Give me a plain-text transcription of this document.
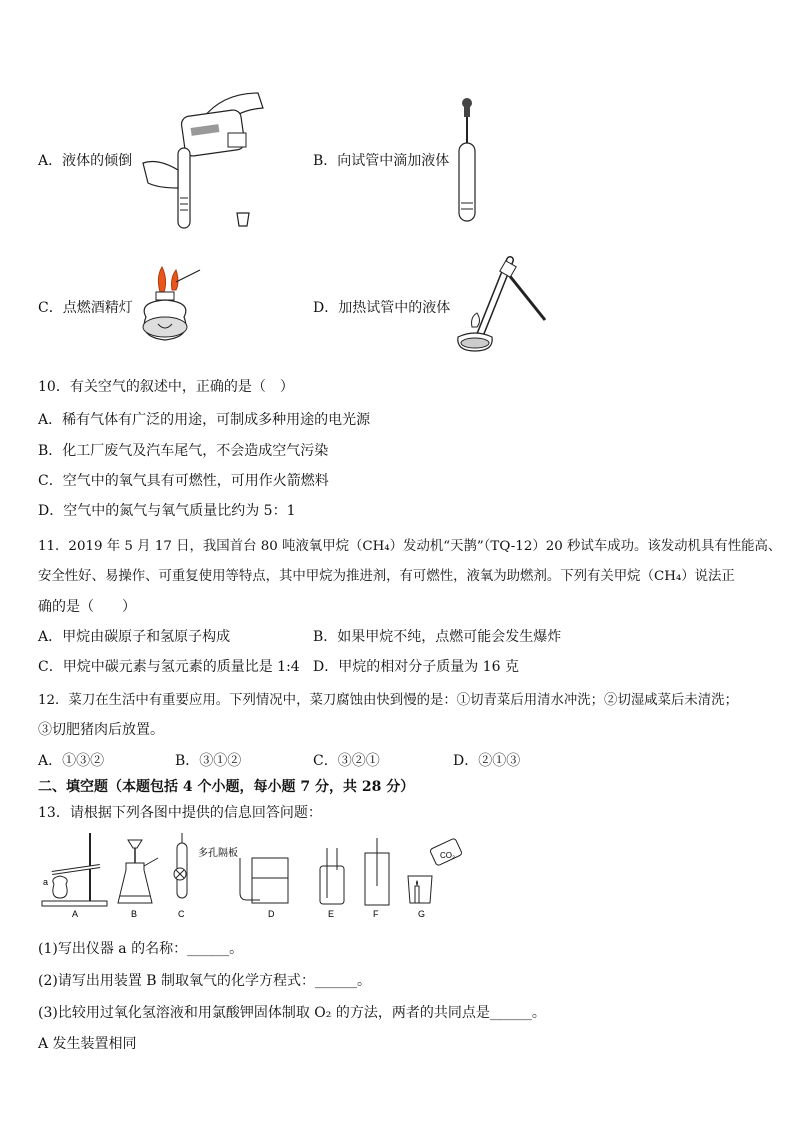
A．液体的倾倒	B．向试管中滴加液体
C．点燃酒精灯	D．加热试管中的液体
10．有关空气的叙述中，正确的是（　）
A．稀有气体有广泛的用途，可制成多种用途的电光源
B．化工厂废气及汽车尾气，不会造成空气污染
C．空气中的氧气具有可燃性，可用作火箭燃料
D．空气中的氮气与氧气质量比约为 5：1
11．2019 年 5 月 17 日，我国首台 80 吨液氧甲烷（CH₄）发动机“天鹊”（TQ-12）20 秒试车成功。该发动机具有性能高、
安全性好、易操作、可重复使用等特点，其中甲烷为推进剂，有可燃性，液氧为助燃剂。下列有关甲烷（CH₄）说法正
确的是（　　）
A．甲烷由碳原子和氢原子构成	B．如果甲烷不纯，点燃可能会发生爆炸
C．甲烷中碳元素与氢元素的质量比是 1:4 D．甲烷的相对分子质量为 16 克
12．菜刀在生活中有重要应用。下列情况中，菜刀腐蚀由快到慢的是：①切青菜后用清水冲洗；②切湿咸菜后未清洗；
③切肥猪肉后放置。
A．①③②	B．③①②	C．③②①	D．②①③
二、填空题（本题包括 4 个小题，每小题 7 分，共 28 分）
13．请根据下列各图中提供的信息回答问题：
a
A	B	C
多孔隔板
D	E	F
CO₂
G
(1)写出仪器 a 的名称：______。
(2)请写出用装置 B 制取氧气的化学方程式：______。
(3)比较用过氧化氢溶液和用氯酸钾固体制取 O₂ 的方法，两者的共同点是______。
A 发生装置相同
